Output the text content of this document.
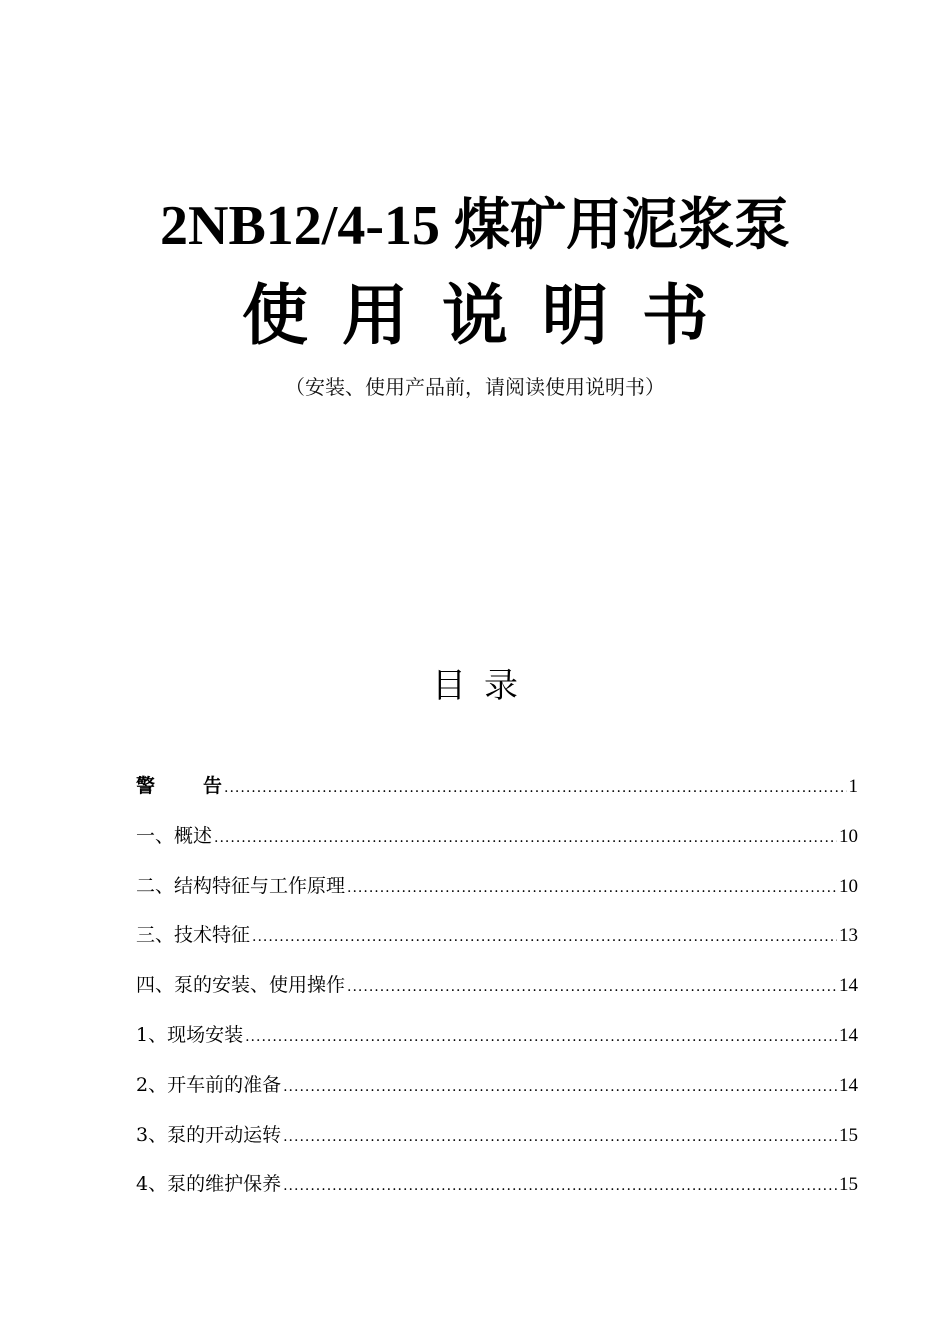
2NB12/4-15 煤矿用泥浆泵
使 用 说 明 书
（安装、使用产品前，请阅读使用说明书）
目录
警	告 .....	1
一、概述 .....	10
二、结构特征与工作原理 .....	10
三、技术特征 .....	13
四、泵的安装、使用操作 .....	14
1、现场安装 .....	14
2、开车前的准备 .....	14
3、泵的开动运转 .....	15
4、泵的维护保养 .....	15
